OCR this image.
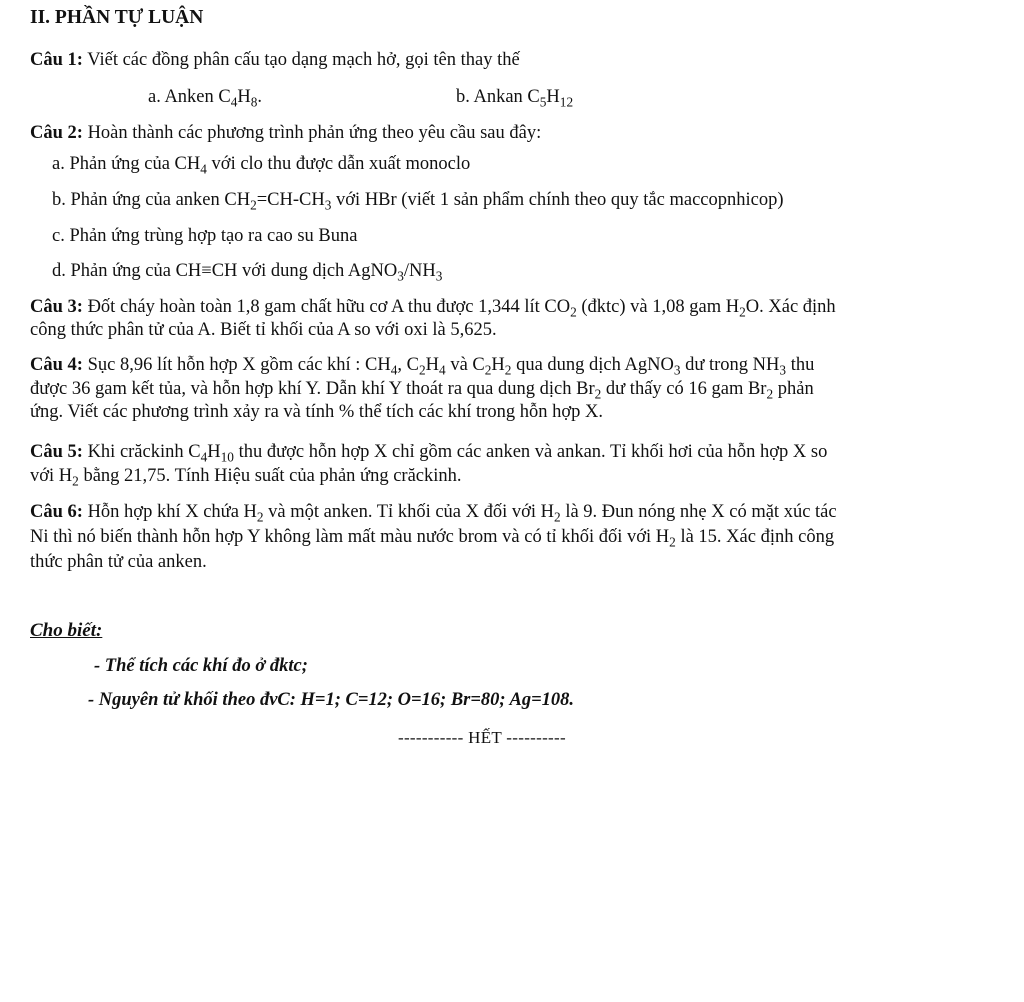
II. PHẦN TỰ LUẬN
Câu 1: Viết các đồng phân cấu tạo dạng mạch hở, gọi tên thay thế
a. Anken $C_4H_8$.	b. Ankan $C_5H_{12}$
Câu 2: Hoàn thành các phương trình phản ứng theo yêu cầu sau đây:
a. Phản ứng của $CH_4$ với clo thu được dẫn xuất monoclo
b. Phản ứng của anken $CH_2=CH-CH_3$ với HBr (viết 1 sản phẩm chính theo quy tắc maccopnhicop)
c. Phản ứng trùng hợp tạo ra cao su Buna
d. Phản ứng của CH≡CH với dung dịch $AgNO_3/NH_3$
Câu 3: Đốt cháy hoàn toàn 1,8 gam chất hữu cơ A thu được 1,344 lít $CO_2$ (đktc) và 1,08 gam $H_2O$. Xác định
công thức phân tử của A. Biết tỉ khối của A so với oxi là 5,625.
Câu 4: Sục 8,96 lít hỗn hợp X gồm các khí : $CH_4$, $C_2H_4$ và $C_2H_2$ qua dung dịch AgNO$_3$ dư trong $NH_3$ thu
được 36 gam kết tủa, và hỗn hợp khí Y. Dẫn khí Y thoát ra qua dung dịch $Br_2$ dư thấy có 16 gam $Br_2$ phản
ứng. Viết các phương trình xảy ra và tính % thể tích các khí trong hỗn hợp X.
Câu 5: Khi crăckinh $C_4H_{10}$ thu được hỗn hợp X chỉ gồm các anken và ankan. Tỉ khối hơi của hỗn hợp X so
với $H_2$ bằng 21,75. Tính Hiệu suất của phản ứng crăckinh.
Câu 6: Hỗn hợp khí X chứa $H_2$ và một anken. Tỉ khối của X đối với $H_2$ là 9. Đun nóng nhẹ X có mặt xúc tác
Ni thì nó biến thành hỗn hợp Y không làm mất màu nước brom và có tỉ khối đối với $H_2$ là 15. Xác định công
thức phân tử của anken.
Cho biết:
- Thể tích các khí đo ở đktc;
- Nguyên tử khối theo đvC: H=1; C=12; O=16; Br=80; Ag=108.
----------- HẾT ----------
